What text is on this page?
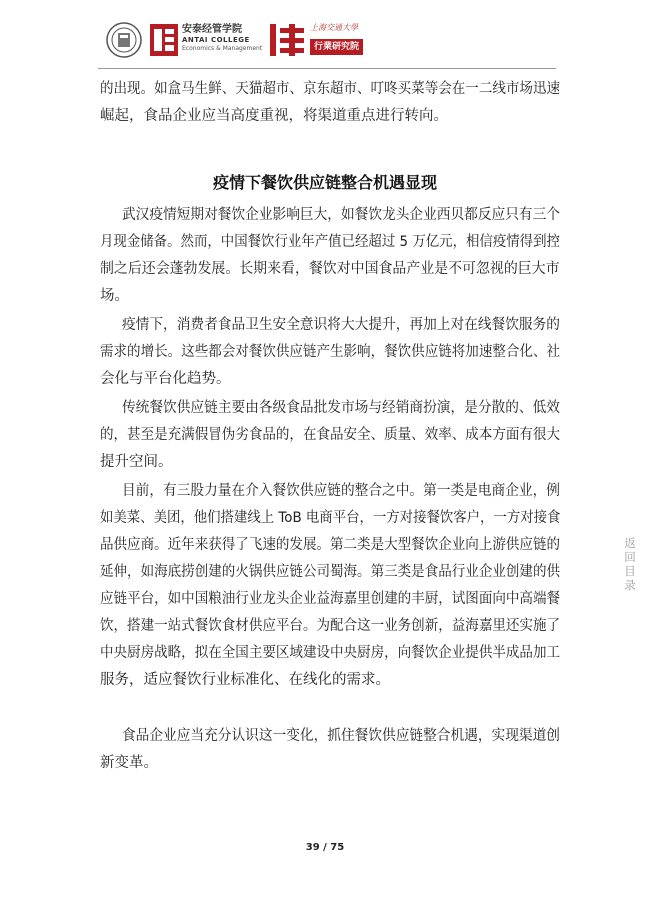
安泰经管学院
ANTAI COLLEGE
Economics & Management
上海交通大學
行業研究院
的出现。如盒马生鲜、天猫超市、京东超市、叮咚买菜等会在一二线市场迅速
崛起，食品企业应当高度重视，将渠道重点进行转向。
疫情下餐饮供应链整合机遇显现
武汉疫情短期对餐饮企业影响巨大，如餐饮龙头企业西贝都反应只有三个
月现金储备。然而，中国餐饮行业年产值已经超过 5 万亿元，相信疫情得到控
制之后还会蓬勃发展。长期来看，餐饮对中国食品产业是不可忽视的巨大市
场。
疫情下，消费者食品卫生安全意识将大大提升，再加上对在线餐饮服务的
需求的增长。这些都会对餐饮供应链产生影响，餐饮供应链将加速整合化、社
会化与平台化趋势。
传统餐饮供应链主要由各级食品批发市场与经销商扮演，是分散的、低效
的，甚至是充满假冒伪劣食品的，在食品安全、质量、效率、成本方面有很大
提升空间。
目前，有三股力量在介入餐饮供应链的整合之中。第一类是电商企业，例
如美菜、美团，他们搭建线上 ToB 电商平台，一方对接餐饮客户，一方对接食
品供应商。近年来获得了飞速的发展。第二类是大型餐饮企业向上游供应链的
延伸，如海底捞创建的火锅供应链公司蜀海。第三类是食品行业企业创建的供
应链平台，如中国粮油行业龙头企业益海嘉里创建的丰厨，试图面向中高端餐
饮，搭建一站式餐饮食材供应平台。为配合这一业务创新，益海嘉里还实施了
中央厨房战略，拟在全国主要区域建设中央厨房，向餐饮企业提供半成品加工
服务，适应餐饮行业标准化、在线化的需求。
食品企业应当充分认识这一变化，抓住餐饮供应链整合机遇，实现渠道创
新变革。
39 / 75
返回目录
